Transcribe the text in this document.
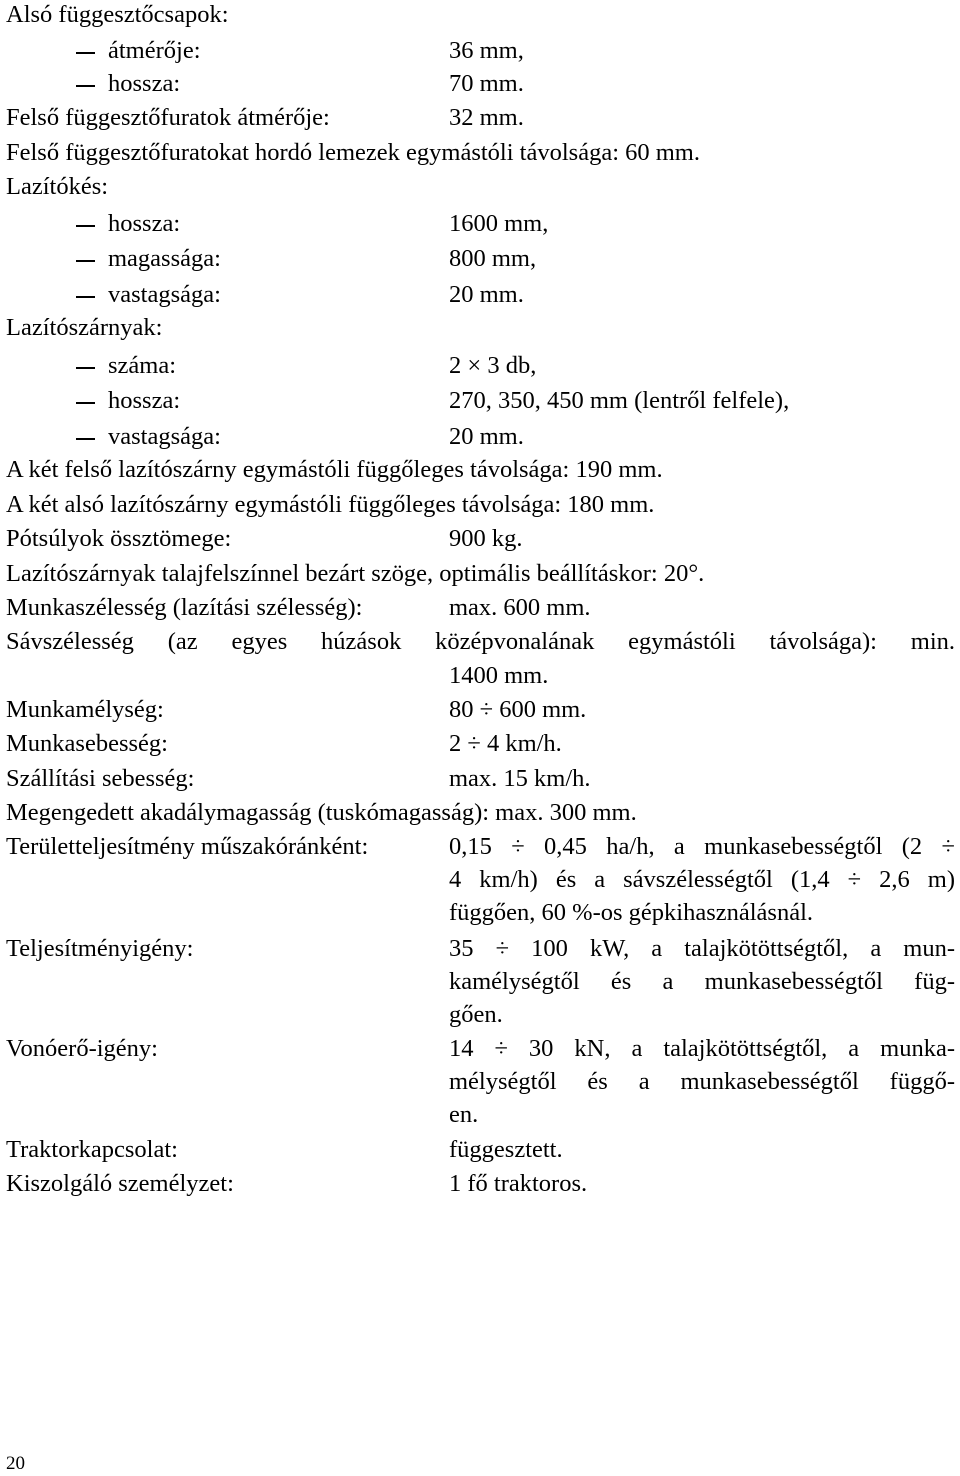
Alsó függesztőcsapok:
átmérője:	36 mm,
hossza:	70 mm.
Felső függesztőfuratok átmérője:	32 mm.
Felső függesztőfuratokat hordó lemezek egymástóli távolsága: 60 mm.
Lazítókés:
hossza:	1600 mm,
magassága:	800 mm,
vastagsága:	20 mm.
Lazítószárnyak:
száma:	2 × 3 db,
hossza:	270, 350, 450 mm (lentről felfele),
vastagsága:	20 mm.
A két felső lazítószárny egymástóli függőleges távolsága: 190 mm.
A két alsó lazítószárny egymástóli függőleges távolsága: 180 mm.
Pótsúlyok össztömege:	900 kg.
Lazítószárnyak talajfelszínnel bezárt szöge, optimális beállításkor: 20°.
Munkaszélesség (lazítási szélesség):	max. 600 mm.
Sávszélesség (az egyes húzások középvonalának egymástóli távolsága): min.
1400 mm.
Munkamélység:	80 ÷ 600 mm.
Munkasebesség:	2 ÷ 4 km/h.
Szállítási sebesség:	max. 15 km/h.
Megengedett akadálymagasság (tuskómagasság): max. 300 mm.
Területteljesítmény műszakóránként:	0,15 ÷ 0,45 ha/h, a munkasebességtől (2 ÷
4 km/h) és a sávszélességtől (1,4 ÷ 2,6 m)
függően, 60 %-os gépkihasználásnál.
Teljesítményigény:	35 ÷ 100 kW, a talajkötöttségtől, a mun-
kamélységtől és a munkasebességtől füg-
gően.
Vonóerő-igény:	14 ÷ 30 kN, a talajkötöttségtől, a munka-
mélységtől és a munkasebességtől függő-
en.
Traktorkapcsolat:	függesztett.
Kiszolgáló személyzet:	1 fő traktoros.
20
